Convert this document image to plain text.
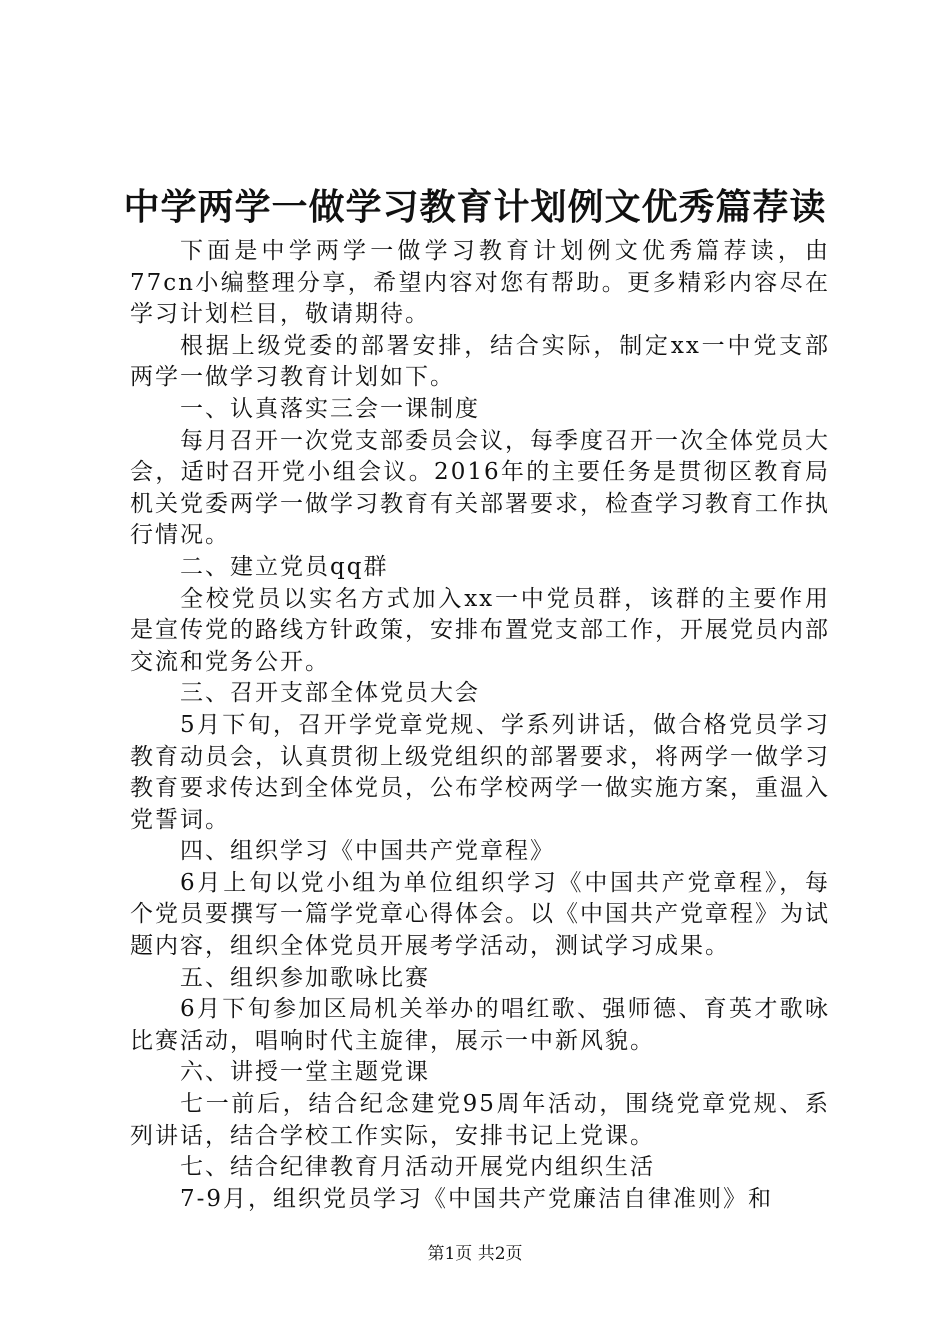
中学两学一做学习教育计划例文优秀篇荐读

下面是中学两学一做学习教育计划例文优秀篇荐读，由77cn小编整理分享，希望内容对您有帮助。更多精彩内容尽在学习计划栏目，敬请期待。

根据上级党委的部署安排，结合实际，制定xx一中党支部两学一做学习教育计划如下。

一、认真落实三会一课制度

每月召开一次党支部委员会议，每季度召开一次全体党员大会，适时召开党小组会议。2016年的主要任务是贯彻区教育局机关党委两学一做学习教育有关部署要求，检查学习教育工作执行情况。

二、建立党员qq群

全校党员以实名方式加入xx一中党员群，该群的主要作用是宣传党的路线方针政策，安排布置党支部工作，开展党员内部交流和党务公开。

三、召开支部全体党员大会

5月下旬，召开学党章党规、学系列讲话，做合格党员学习教育动员会，认真贯彻上级党组织的部署要求，将两学一做学习教育要求传达到全体党员，公布学校两学一做实施方案，重温入党誓词。

四、组织学习《中国共产党章程》

6月上旬以党小组为单位组织学习《中国共产党章程》，每个党员要撰写一篇学党章心得体会。以《中国共产党章程》为试题内容，组织全体党员开展考学活动，测试学习成果。

五、组织参加歌咏比赛

6月下旬参加区局机关举办的唱红歌、强师德、育英才歌咏比赛活动，唱响时代主旋律，展示一中新风貌。

六、讲授一堂主题党课

七一前后，结合纪念建党95周年活动，围绕党章党规、系列讲话，结合学校工作实际，安排书记上党课。

七、结合纪律教育月活动开展党内组织生活

7-9月，组织党员学习《中国共产党廉洁自律准则》和

第1页 共2页
